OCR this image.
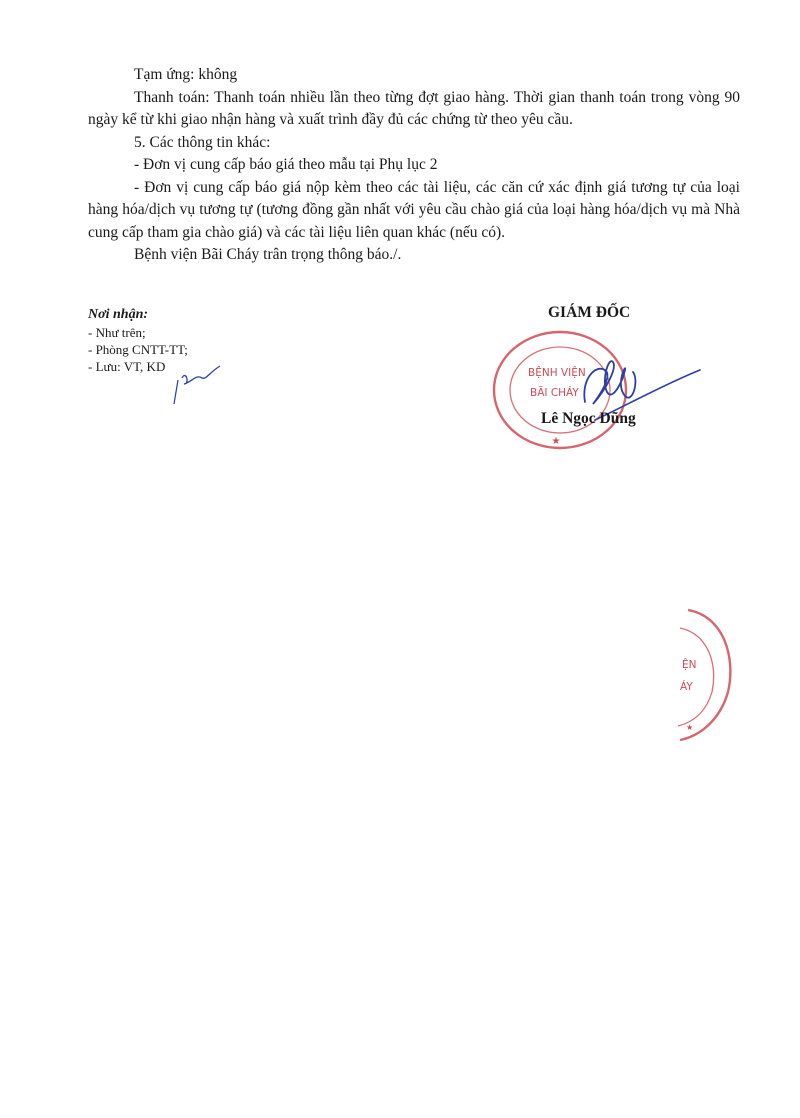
Tạm ứng: không

Thanh toán: Thanh toán nhiều lần theo từng đợt giao hàng. Thời gian thanh toán trong vòng 90 ngày kể từ khi giao nhận hàng và xuất trình đầy đủ các chứng từ theo yêu cầu.

5. Các thông tin khác:

- Đơn vị cung cấp báo giá theo mẫu tại Phụ lục 2

- Đơn vị cung cấp báo giá nộp kèm theo các tài liệu, các căn cứ xác định giá tương tự của loại hàng hóa/dịch vụ tương tự (tương đồng gần nhất với yêu cầu chào giá của loại hàng hóa/dịch vụ mà Nhà cung cấp tham gia chào giá) và các tài liệu liên quan khác (nếu có).

Bệnh viện Bãi Cháy trân trọng thông báo./.

Nơi nhận:
- Như trên;
- Phòng CNTT-TT;
- Lưu: VT, KD	BỆNH VIỆN
BÃI CHÁY
★
GIÁM ĐỐC
Lê Ngọc Dũng
ỆN
ÁY
★
